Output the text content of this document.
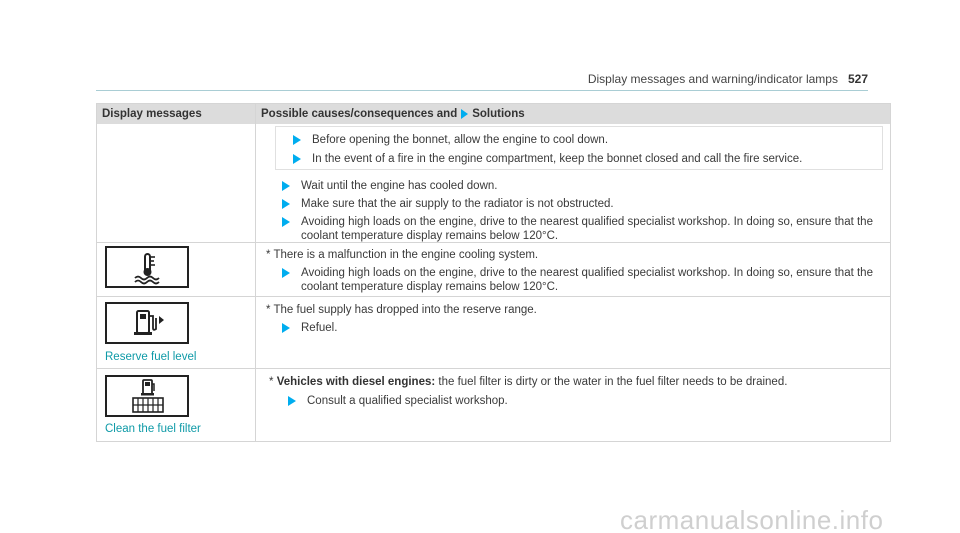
Display messages and warning/indicator lamps 527
Display messages	Possible causes/consequences and Solutions
Before opening the bonnet, allow the engine to cool down.
In the event of a fire in the engine compartment, keep the bonnet closed and call the fire service.
Wait until the engine has cooled down.
Make sure that the air supply to the radiator is not obstructed.
Avoiding high loads on the engine, drive to the nearest qualified specialist workshop. In doing so, ensure that the
coolant temperature display remains below 120°C.
* There is a malfunction in the engine cooling system.
Avoiding high loads on the engine, drive to the nearest qualified specialist workshop. In doing so, ensure that the
coolant temperature display remains below 120°C.
Reserve fuel level
* The fuel supply has dropped into the reserve range.
Refuel.
Clean the fuel filter
* Vehicles with diesel engines: the fuel filter is dirty or the water in the fuel filter needs to be drained.
Consult a qualified specialist workshop.
carmanualsonline.info
